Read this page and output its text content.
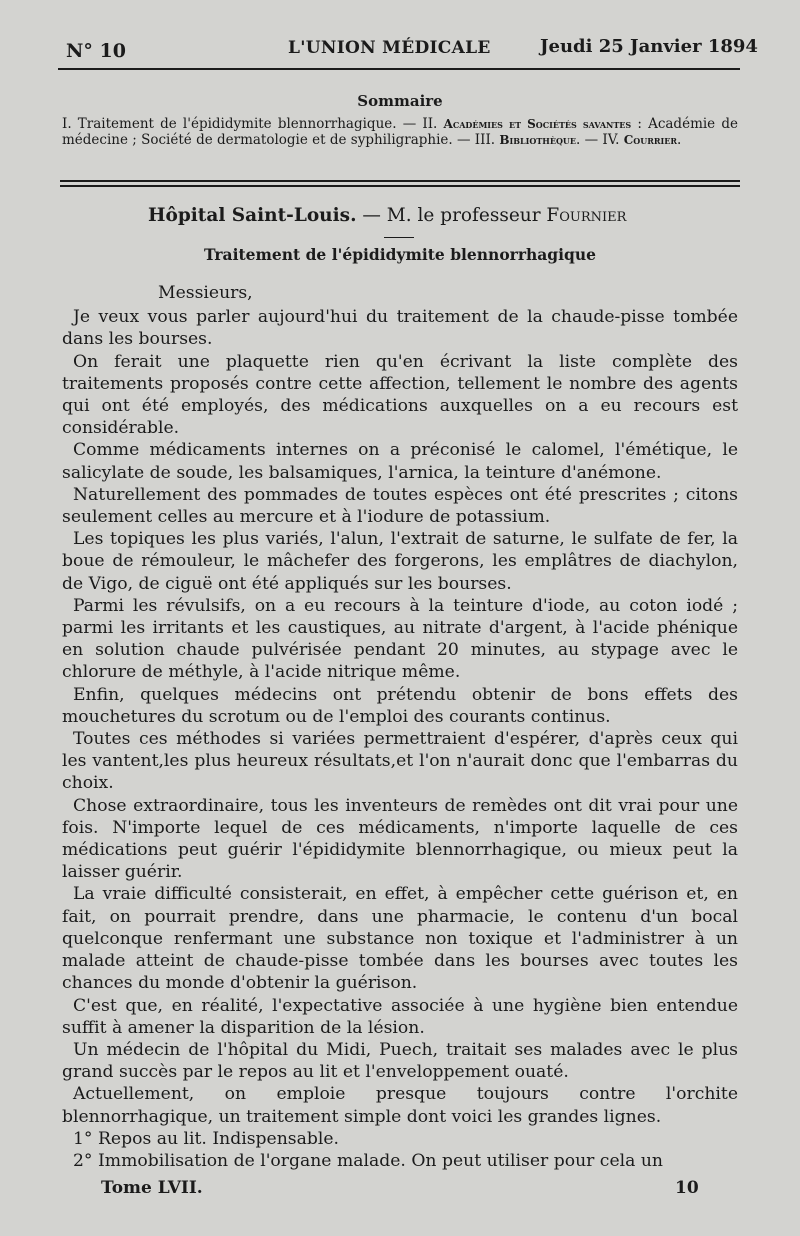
N° 10	L'UNION MÉDICALE	Jeudi 25 Janvier 1894
Sommaire
I. Traitement de l'épididymite blennorrhagique. — II. Académies et Sociétés savantes : Académie de médecine ; Société de dermatologie et de syphiligraphie. — III. Bibliothèque. — IV. Courrier.
Hôpital Saint-Louis. — M. le professeur Fournier
Traitement de l'épididymite blennorrhagique

Messieurs,

Je veux vous parler aujourd'hui du traitement de la chaude-pisse tombée dans les bourses.

On ferait une plaquette rien qu'en écrivant la liste complète des traitements proposés contre cette affection, tellement le nombre des agents qui ont été employés, des médications auxquelles on a eu recours est considérable.

Comme médicaments internes on a préconisé le calomel, l'émétique, le salicylate de soude, les balsamiques, l'arnica, la teinture d'anémone.

Naturellement des pommades de toutes espèces ont été prescrites ; citons seulement celles au mercure et à l'iodure de potassium.

Les topiques les plus variés, l'alun, l'extrait de saturne, le sulfate de fer, la boue de rémouleur, le mâchefer des forgerons, les emplâtres de diachylon, de Vigo, de ciguë ont été appliqués sur les bourses.

Parmi les révulsifs, on a eu recours à la teinture d'iode, au coton iodé ; parmi les irritants et les caustiques, au nitrate d'argent, à l'acide phénique en solution chaude pulvérisée pendant 20 minutes, au stypage avec le chlorure de méthyle, à l'acide nitrique même.

Enfin, quelques médecins ont prétendu obtenir de bons effets des mouchetures du scrotum ou de l'emploi des courants continus.

Toutes ces méthodes si variées permettraient d'espérer, d'après ceux qui les vantent,les plus heureux résultats,et l'on n'aurait donc que l'embarras du choix.

Chose extraordinaire, tous les inventeurs de remèdes ont dit vrai pour une fois. N'importe lequel de ces médicaments, n'importe laquelle de ces médications peut guérir l'épididymite blennorrhagique, ou mieux peut la laisser guérir.

La vraie difficulté consisterait, en effet, à empêcher cette guérison et, en fait, on pourrait prendre, dans une pharmacie, le contenu d'un bocal quelconque renfermant une substance non toxique et l'administrer à un malade atteint de chaude-pisse tombée dans les bourses avec toutes les chances du monde d'obtenir la guérison.

C'est que, en réalité, l'expectative associée à une hygiène bien entendue suffit à amener la disparition de la lésion.

Un médecin de l'hôpital du Midi, Puech, traitait ses malades avec le plus grand succès par le repos au lit et l'enveloppement ouaté.

Actuellement, on emploie presque toujours contre l'orchite blennorrhagique, un traitement simple dont voici les grandes lignes.

1° Repos au lit. Indispensable.

2° Immobilisation de l'organe malade. On peut utiliser pour cela un

Tome LVII.	10
